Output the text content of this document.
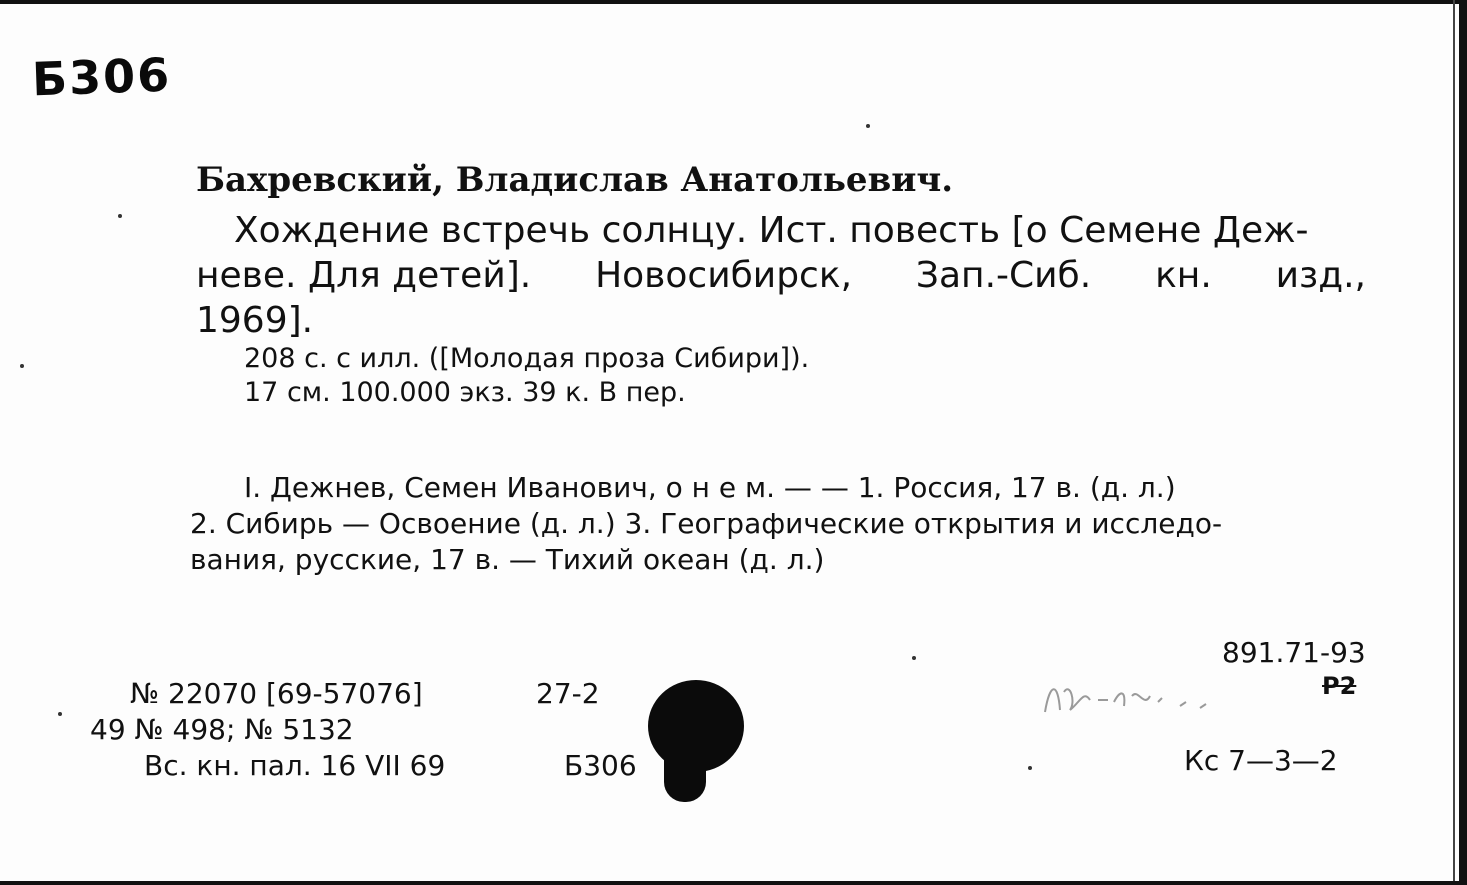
Б306
Бахревский, Владислав Анатольевич.
Хождение встречь солнцу. Ист. повесть [о Семене Деж-
неве. Для детей]. Новосибирск, Зап.-Сиб. кн. изд.,
1969].
208 с. с илл. ([Молодая проза Сибири]).
17 см. 100.000 экз. 39 к. В пер.
I. Дежнев, Семен Иванович, о н е м. — — 1. Россия, 17 в. (д. л.)
2. Сибирь — Освоение (д. л.) 3. Географические открытия и исследо-
вания, русские, 17 в. — Тихий океан (д. л.)
891.71-93
Р2
Кс 7—3—2
№ 22070 [69-57076]	27-2
49 № 498; № 5132
Вс. кн. пал. 16 VII 69	Б306
